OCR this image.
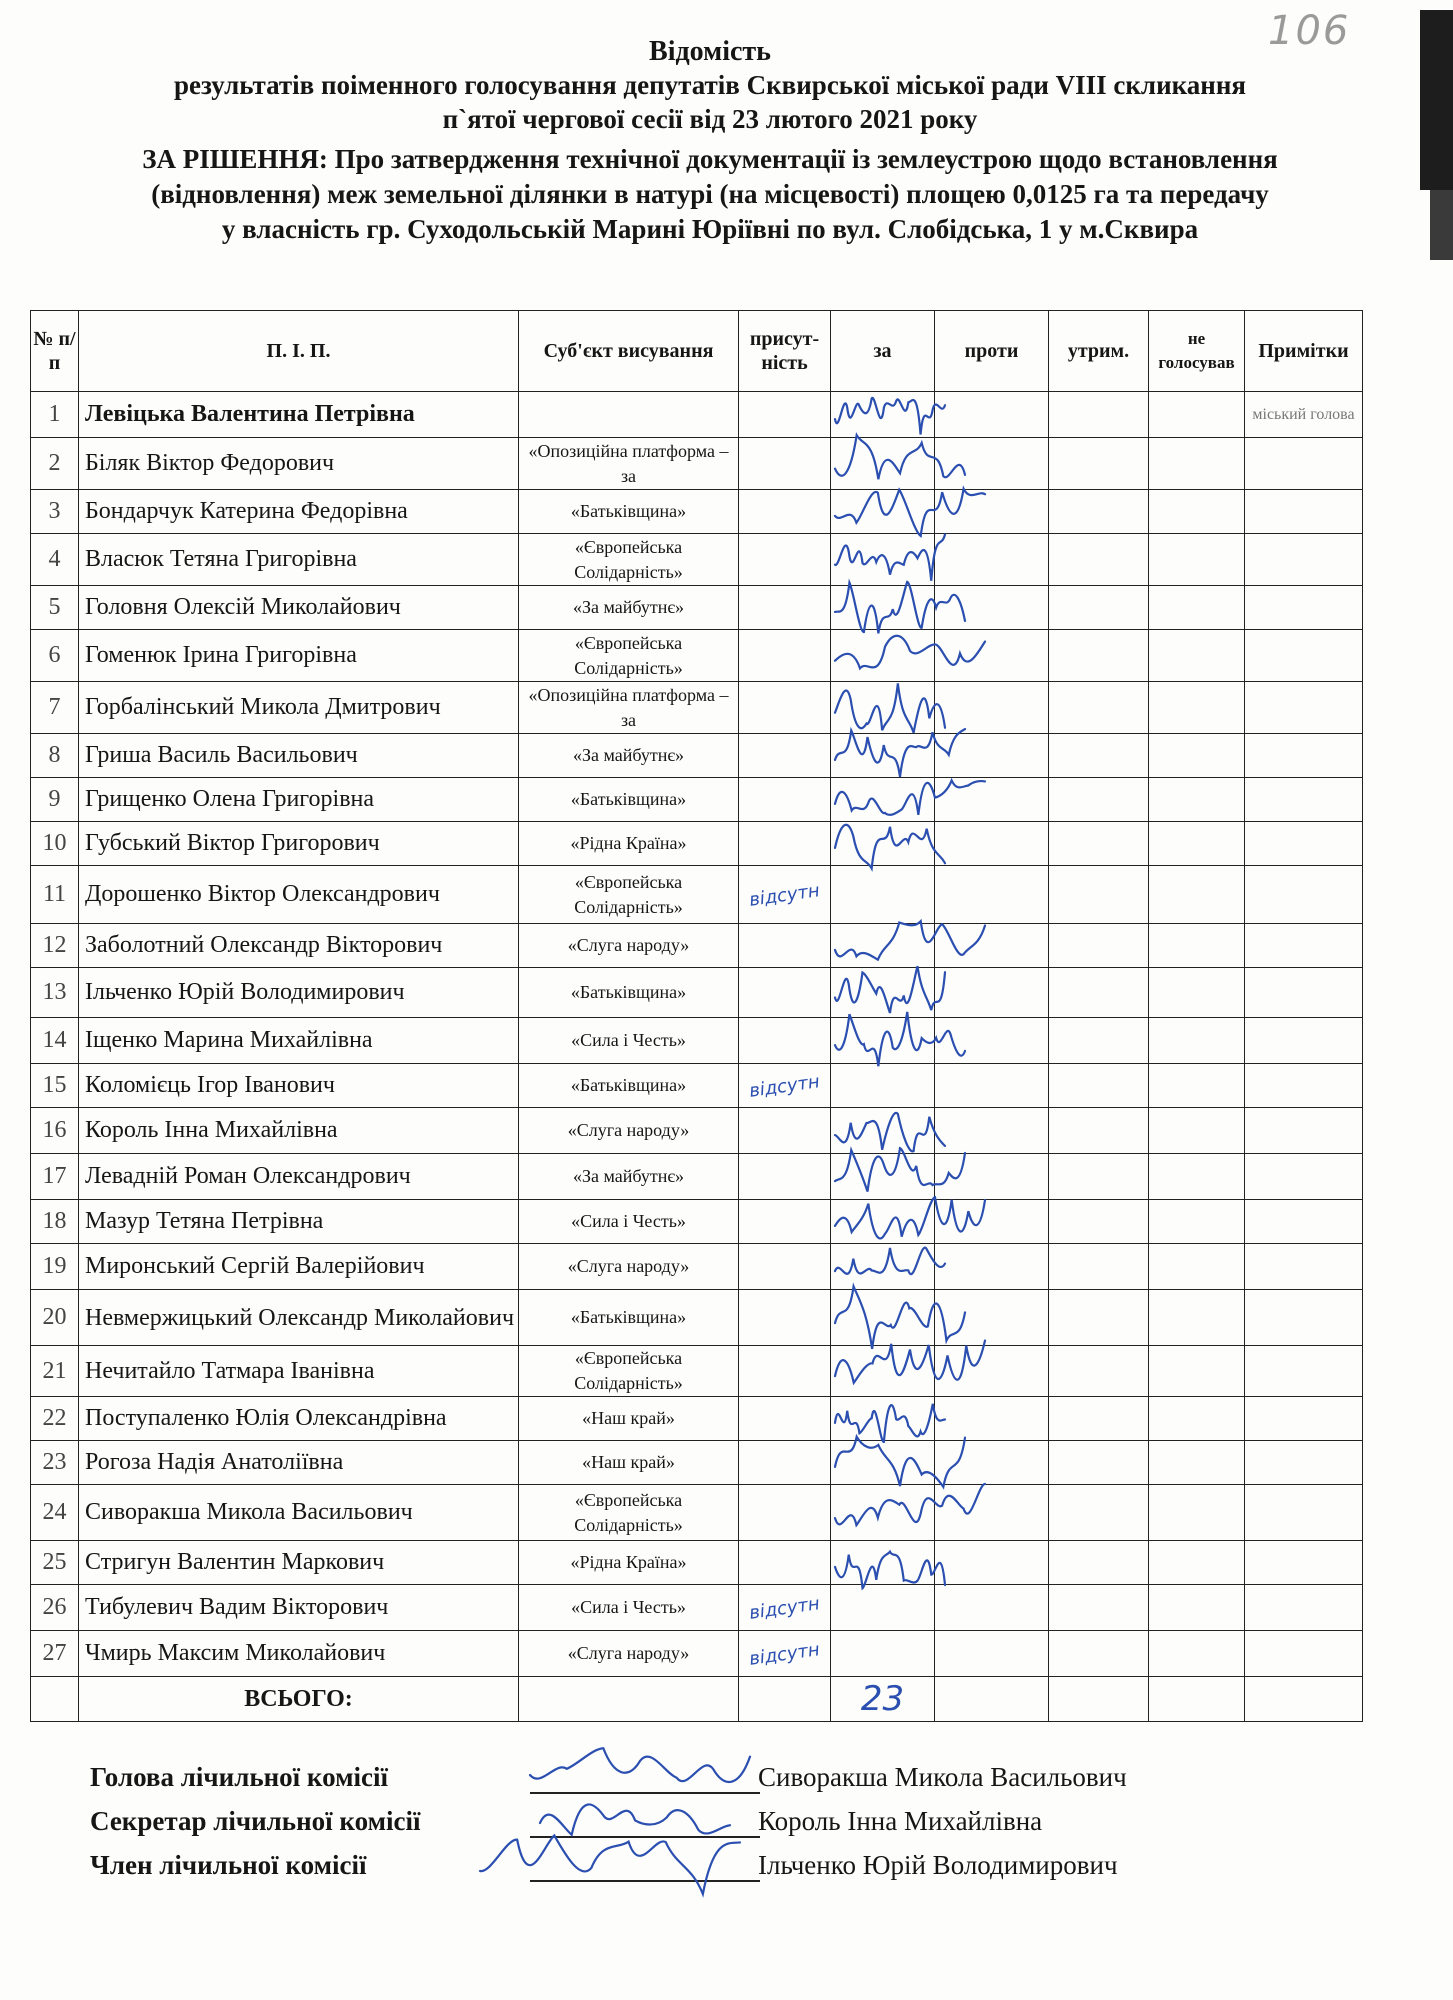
106
Відомість
результатів поіменного голосування депутатів Сквирської міської ради VIII скликання
п`ятої чергової сесії від 23 лютого 2021 року
ЗА РІШЕННЯ: Про затвердження технічної документації із землеустрою щодо встановлення
(відновлення) меж земельної ділянки в натурі (на місцевості) площею 0,0125 га та передачу
у власність гр. Суходольській Марині Юріївні по вул. Слобідська, 1 у м.Сквира
№ п/п	П. І. П.	Суб'єкт висування	присут-ність	за	проти	утрим.	не голосував	Примітки
1	Левіцька Валентина Петрівна							міський голова
2	Біляк Віктор Федорович	«Опозиційна платформа – за						
3	Бондарчук Катерина Федорівна	«Батьківщина»						
4	Власюк Тетяна Григорівна	«Європейська Солідарність»						
5	Головня Олексій Миколайович	«За майбутнє»						
6	Гоменюк Ірина Григорівна	«Європейська Солідарність»						
7	Горбалінський Микола Дмитрович	«Опозиційна платформа – за						
8	Гриша Василь Васильович	«За майбутнє»						
9	Грищенко Олена Григорівна	«Батьківщина»						
10	Губський Віктор Григорович	«Рідна Країна»						
11	Дорошенко Віктор Олександрович	«Європейська Солідарність»	відсутн					
12	Заболотний Олександр Вікторович	«Слуга народу»						
13	Ільченко Юрій Володимирович	«Батьківщина»						
14	Іщенко Марина Михайлівна	«Сила і Честь»						
15	Коломієць Ігор Іванович	«Батьківщина»	відсутн					
16	Король Інна Михайлівна	«Слуга народу»						
17	Левадній Роман Олександрович	«За майбутнє»						
18	Мазур Тетяна Петрівна	«Сила і Честь»						
19	Миронський Сергій Валерійович	«Слуга народу»						
20	Невмержицький Олександр Миколайович	«Батьківщина»						
21	Нечитайло Татмара Іванівна	«Європейська Солідарність»						
22	Поступаленко Юлія Олександрівна	«Наш край»						
23	Рогоза Надія Анатоліївна	«Наш край»						
24	Сиворакша Микола Васильович	«Європейська Солідарність»						
25	Стригун Валентин Маркович	«Рідна Країна»						
26	Тибулевич Вадим Вікторович	«Сила і Честь»	відсутн					
27	Чмирь Максим Миколайович	«Слуга народу»	відсутн					
	ВСЬОГО:			23				
Голова лічильної комісії	Сиворакша Микола Васильович
Секретар лічильної комісії	Король Інна Михайлівна
Член лічильної комісії	Ільченко Юрій Володимирович
